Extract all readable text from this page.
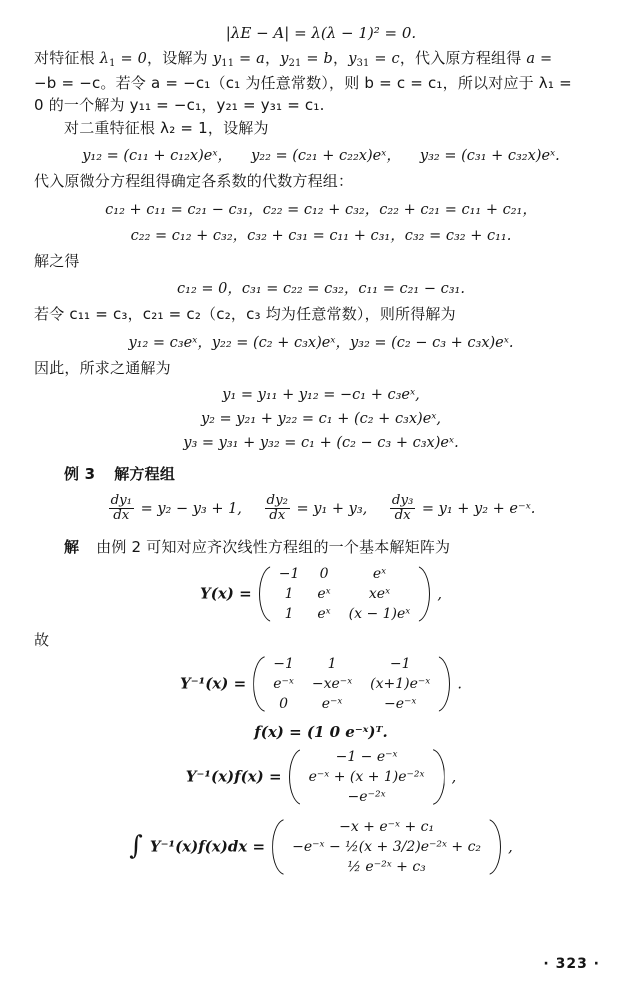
|λE − A| = λ(λ − 1)² = 0.
对特征根 $\lambda_1 = 0$，设解为 $y_{11} = a$，$y_{21} = b$，$y_{31} = c$，代入原方程组得 a =
−b = −c。若令 a = −c₁（c₁ 为任意常数），则 b = c = c₁，所以对应于 λ₁ =
0 的一个解为 y₁₁ = −c₁，y₂₁ = y₃₁ = c₁.
对二重特征根 λ₂ = 1，设解为
y₁₂ = (c₁₁ + c₁₂x)eˣ， y₂₂ = (c₂₁ + c₂₂x)eˣ， y₃₂ = (c₃₁ + c₃₂x)eˣ.
代入原微分方程组得确定各系数的代数方程组：
c₁₂ + c₁₁ = c₂₁ − c₃₁，c₂₂ = c₁₂ + c₃₂，c₂₂ + c₂₁ = c₁₁ + c₂₁，
c₂₂ = c₁₂ + c₃₂，c₃₂ + c₃₁ = c₁₁ + c₃₁，c₃₂ = c₃₂ + c₁₁.
解之得
c₁₂ = 0，c₃₁ = c₂₂ = c₃₂，c₁₁ = c₂₁ − c₃₁.
若令 c₁₁ = c₃，c₂₁ = c₂（c₂，c₃ 均为任意常数），则所得解为
y₁₂ = c₃eˣ，y₂₂ = (c₂ + c₃x)eˣ，y₃₂ = (c₂ − c₃ + c₃x)eˣ.
因此，所求之通解为
y₁ = y₁₁ + y₁₂ = −c₁ + c₃eˣ,
y₂ = y₂₁ + y₂₂ = c₁ + (c₂ + c₃x)eˣ,
y₃ = y₃₁ + y₃₂ = c₁ + (c₂ − c₃ + c₃x)eˣ.
例 3 解方程组
$\frac{\text{dy₁}}{dx} = y_2 - y_3 + 1$, $\frac{\text{dy₂}}{dx} = y_1 + y_3$, $\frac{\text{dy₃}}{dx} = y_1 + y_2$ + e⁻ˣ.
解 由例 2 可知对应齐次线性方程组的一个基本解矩阵为
Y(x) =
−1	0	eˣ
1	eˣ	xeˣ
1	eˣ	(x − 1)eˣ
,
故
Y⁻¹(x) =
−1	1	−1
e⁻ˣ	−xe⁻ˣ	(x+1)e⁻ˣ
0	e⁻ˣ	−e⁻ˣ
.
f(x) = (1 0 e⁻ˣ)ᵀ.
Y⁻¹(x)f(x) =
−1 − e⁻ˣ
e⁻ˣ + (x + 1)e⁻²ˣ
−e⁻²ˣ
,
∫ Y⁻¹(x)f(x)dx =
−x + e⁻ˣ + c₁
−e⁻ˣ − ½(x + 3/2)e⁻²ˣ + c₂
½ e⁻²ˣ + c₃
,
· 323 ·
